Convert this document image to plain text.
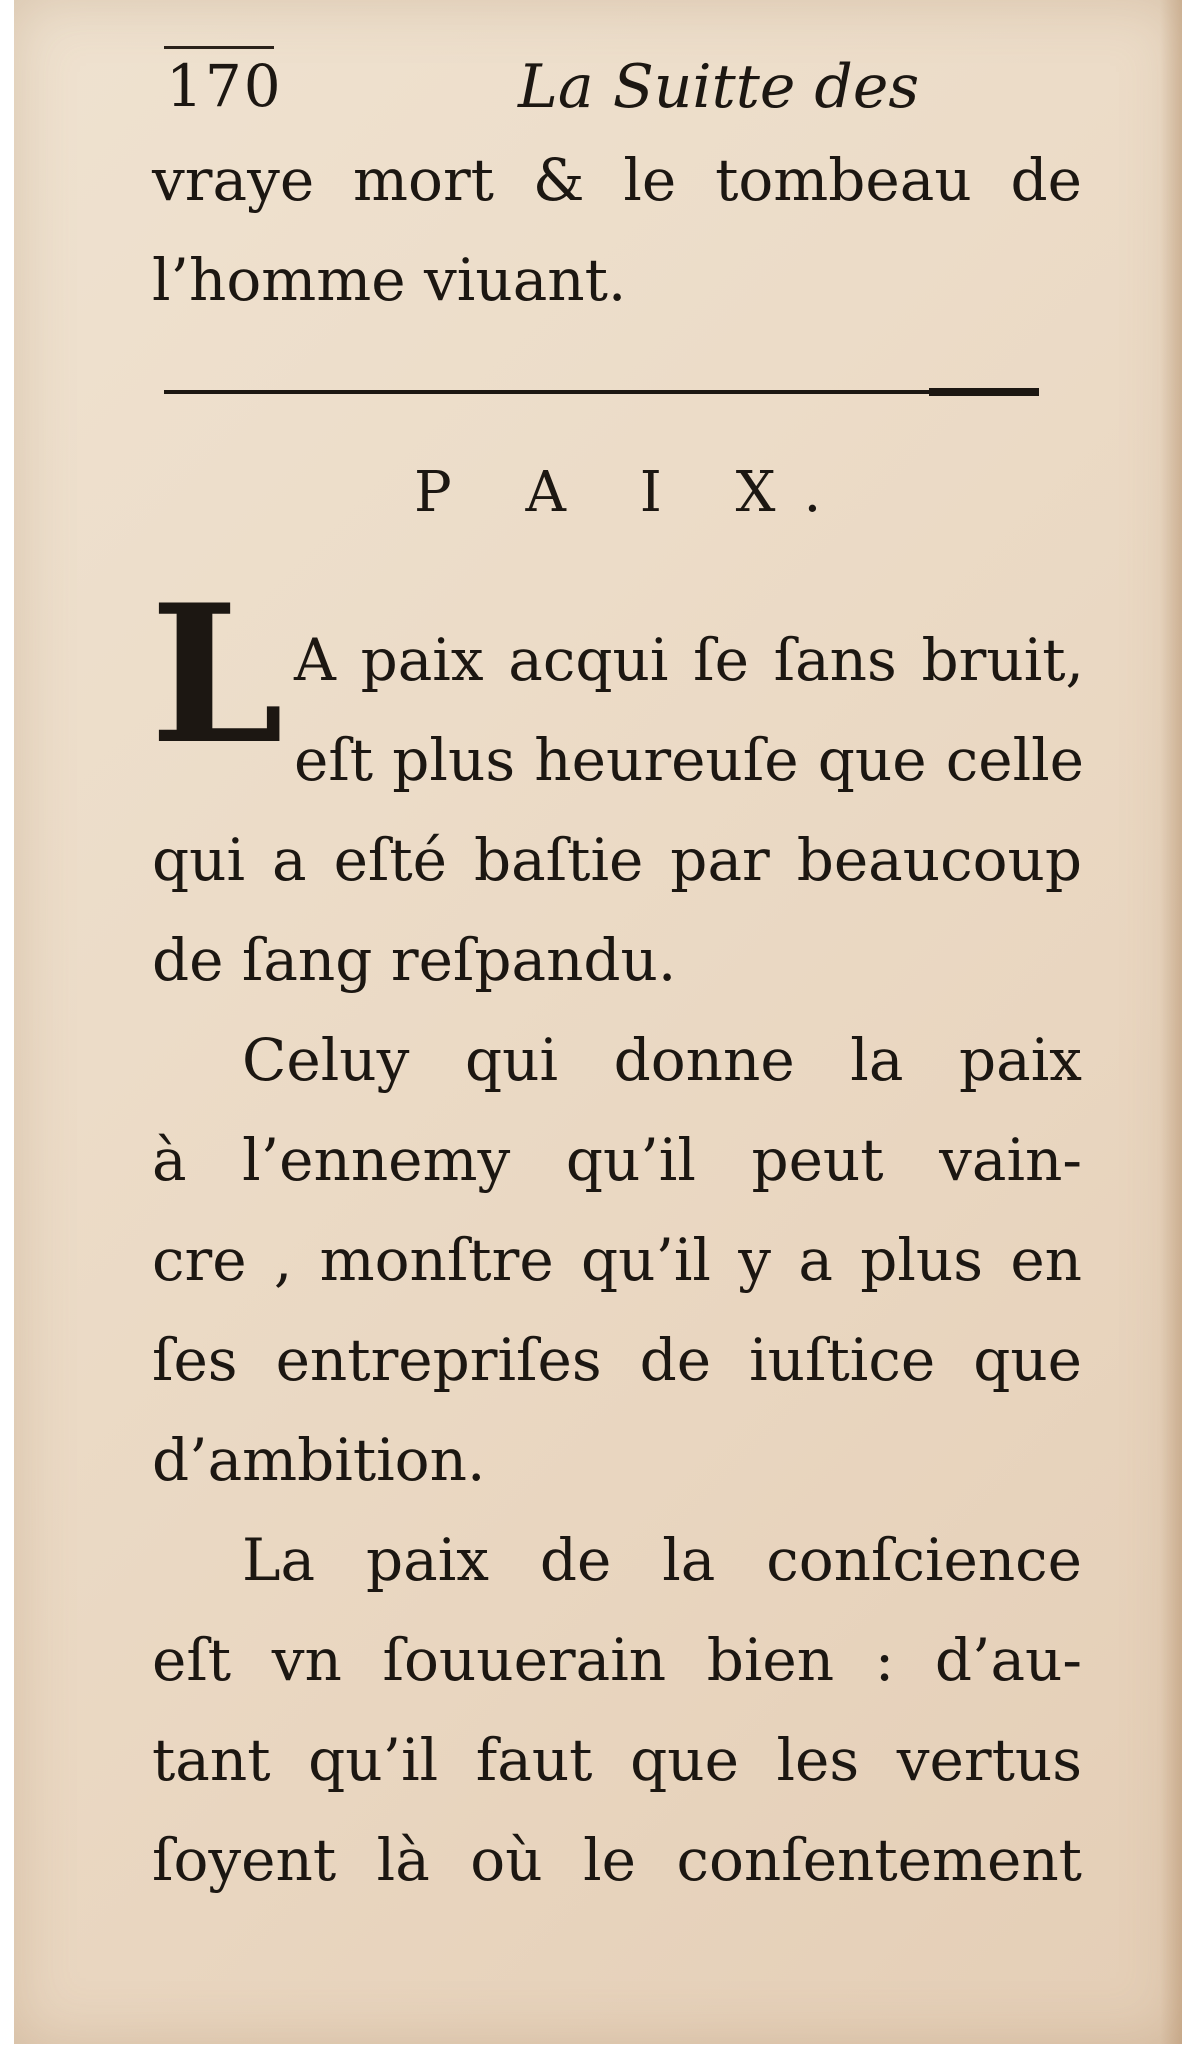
170	La Suitte des
vraye mort & le tombeau de
l’homme viuant.
P A I X.
L A paix acqui ſe ſans bruit,
eſt plus heureuſe que celle
qui a eſté baſtie par beaucoup
de ſang reſpandu.
Celuy qui donne la paix
à l’ennemy qu’il peut vain-
cre , monſtre qu’il y a plus en
ſes entrepriſes de iuſtice que
d’ambition.
La paix de la conſcience
eſt vn ſouuerain bien : d’au-
tant qu’il faut que les vertus
ſoyent là où le conſentement
